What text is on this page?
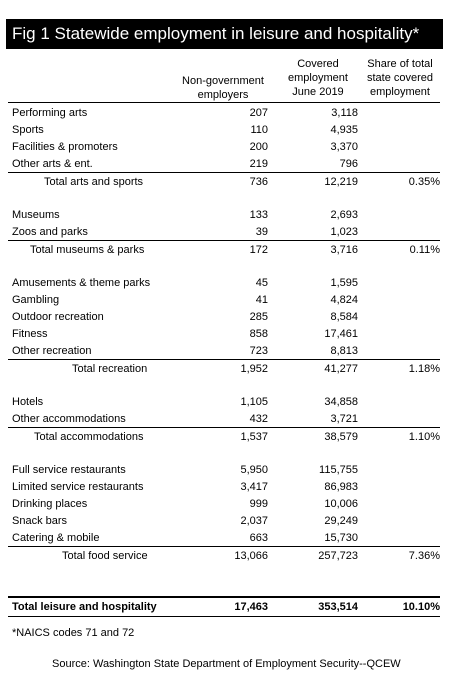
Fig 1 Statewide employment in leisure and hospitality*
Non-government
employers
Covered
employment
June 2019
Share of total
state covered
employment
Performing arts	207	3,118
Sports	110	4,935
Facilities & promoters	200	3,370
Other arts & ent.	219	796
Total arts and sports	736	12,219	0.35%
Museums	133	2,693
Zoos and parks	39	1,023
Total museums & parks	172	3,716	0.11%
Amusements & theme parks	45	1,595
Gambling	41	4,824
Outdoor recreation	285	8,584
Fitness	858	17,461
Other recreation	723	8,813
Total recreation	1,952	41,277	1.18%
Hotels	1,105	34,858
Other accommodations	432	3,721
Total accommodations	1,537	38,579	1.10%
Full service restaurants	5,950	115,755
Limited service restaurants	3,417	86,983
Drinking places	999	10,006
Snack bars	2,037	29,249
Catering & mobile	663	15,730
Total food service	13,066	257,723	7.36%
Total leisure and hospitality	17,463	353,514	10.10%
*NAICS codes 71 and 72
Source: Washington State Department of Employment Security--QCEW
